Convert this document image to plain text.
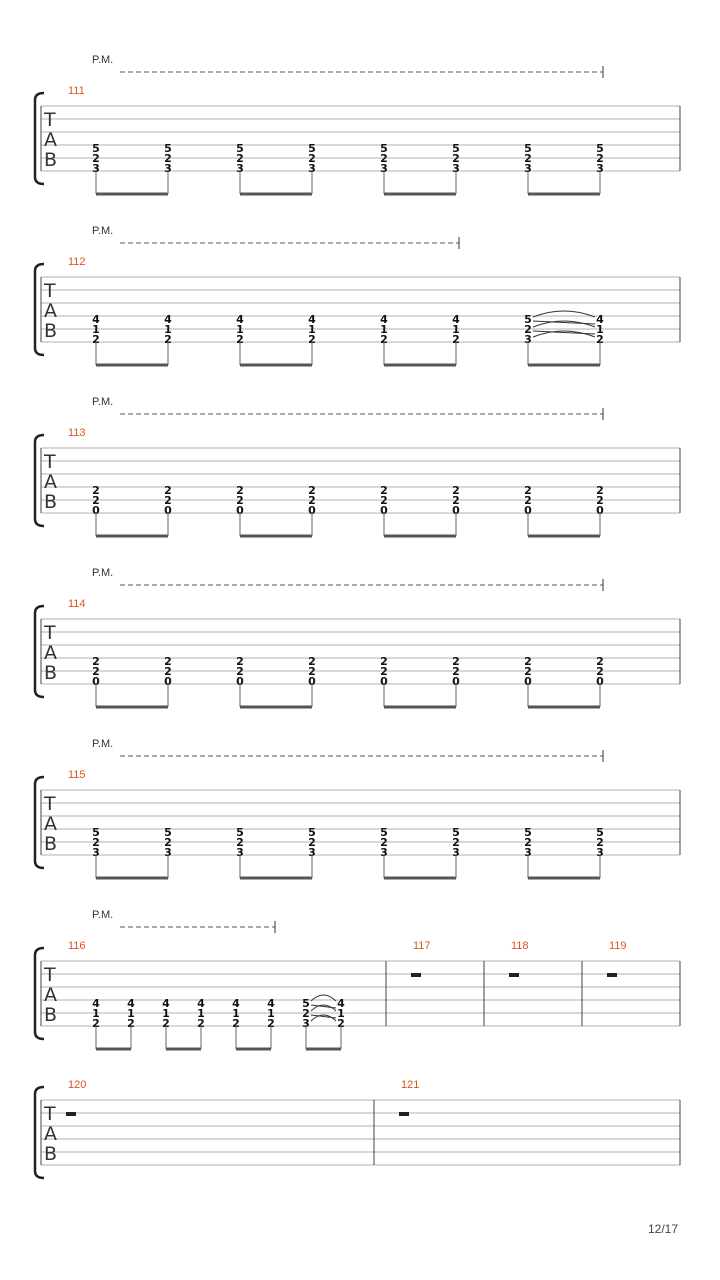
P.M.
T
A
B
111
5
2
3
5
2
3
5
2
3
5
2
3
5
2
3
5
2
3
5
2
3
5
2
3
P.M.
T
A
B
112
4
1
2
4
1
2
4
1
2
4
1
2
4
1
2
4
1
2
5
2
3
4
1
2
P.M.
T
A
B
113
2
2
0
2
2
0
2
2
0
2
2
0
2
2
0
2
2
0
2
2
0
2
2
0
P.M.
T
A
B
114
2
2
0
2
2
0
2
2
0
2
2
0
2
2
0
2
2
0
2
2
0
2
2
0
P.M.
T
A
B
115
5
2
3
5
2
3
5
2
3
5
2
3
5
2
3
5
2
3
5
2
3
5
2
3
P.M.
T
A
B
116
4
1
2
4
1
2
4
1
2
4
1
2
4
1
2
4
1
2
5
2
3
4
1
2
117	118	119
T
A
B
120	121
12/17
